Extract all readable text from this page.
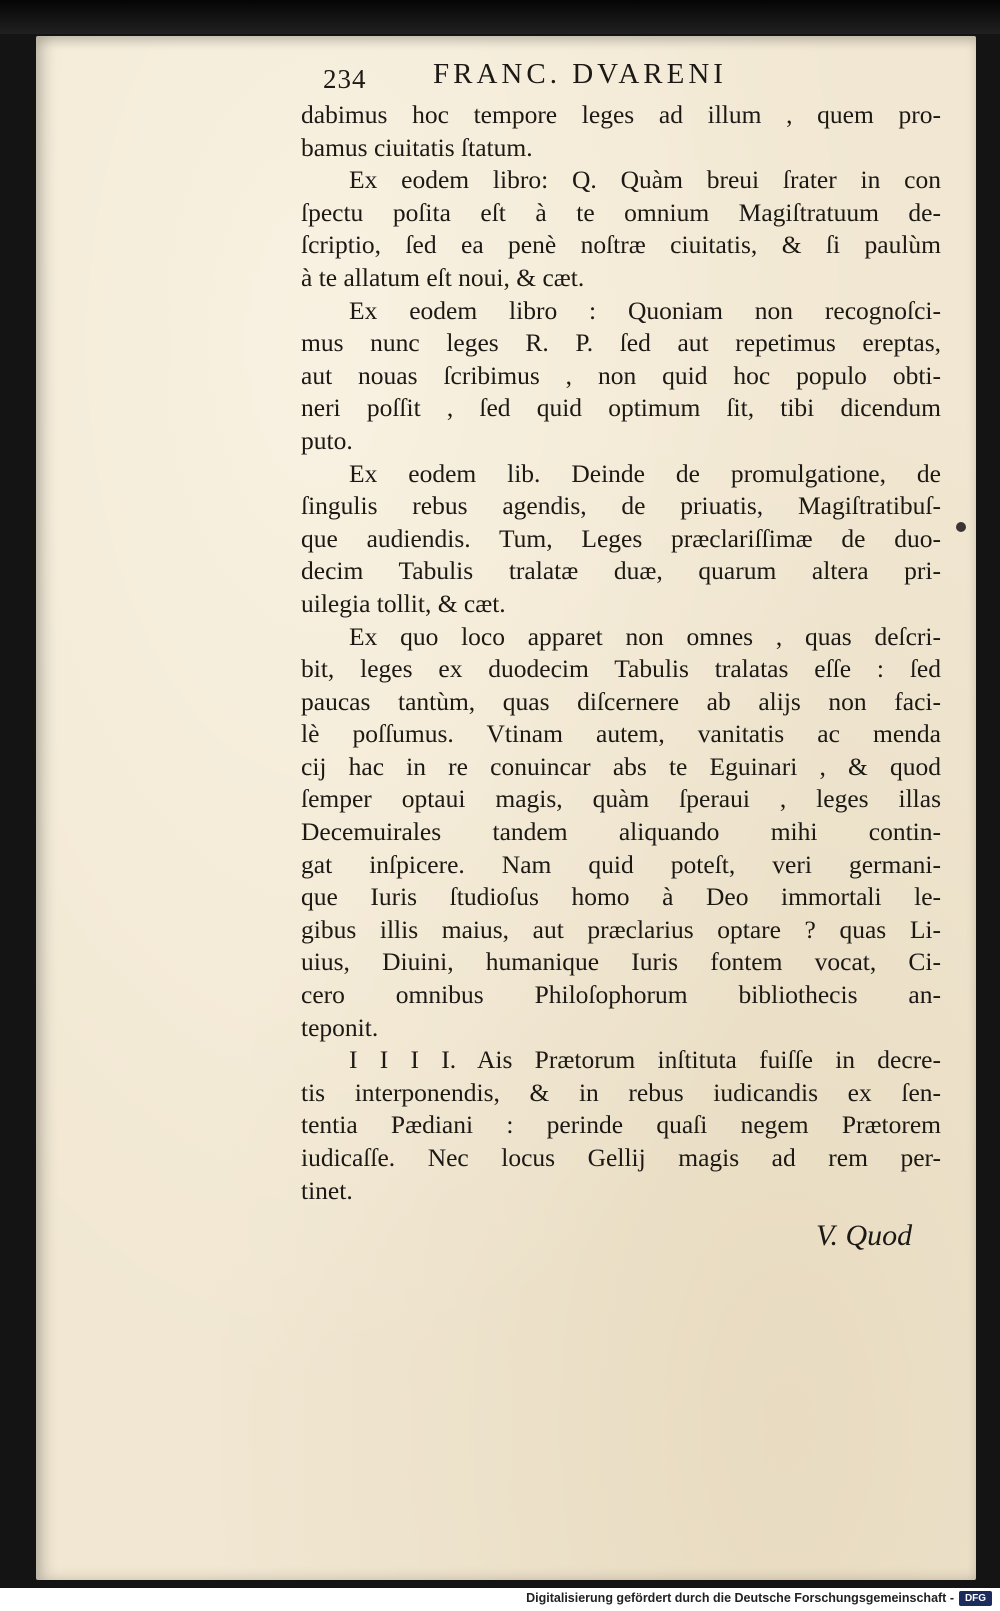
234 FRANC. DVARENI
dabimus hoc tempore leges ad illum , quem pro-
bamus ciuitatis ſtatum.
Ex eodem libro: Q. Quàm breui ſrater in con
ſpectu poſita eſt à te omnium Magiſtratuum de-
ſcriptio, ſed ea penè noſtræ ciuitatis, & ſi paulùm
à te allatum eſt noui, & cæt.
Ex eodem libro : Quoniam non recognoſci-
mus nunc leges R. P. ſed aut repetimus ereptas,
aut nouas ſcribimus , non quid hoc populo obti-
neri poſſit , ſed quid optimum ſit, tibi dicendum
puto.
Ex eodem lib. Deinde de promulgatione, de
ſingulis rebus agendis, de priuatis, Magiſtratibuſ-
que audiendis. Tum, Leges præclariſſimæ de duo-
decim Tabulis tralatæ duæ, quarum altera pri-
uilegia tollit, & cæt.
Ex quo loco apparet non omnes , quas deſcri-
bit, leges ex duodecim Tabulis tralatas eſſe : ſed
paucas tantùm, quas diſcernere ab alijs non faci-
lè poſſumus. Vtinam autem, vanitatis ac menda
cij hac in re conuincar abs te Eguinari , & quod
ſemper optaui magis, quàm ſperaui , leges illas
Decemuirales tandem aliquando mihi contin-
gat inſpicere. Nam quid poteſt, veri germani-
que Iuris ſtudioſus homo à Deo immortali le-
gibus illis maius, aut præclarius optare ? quas Li-
uius, Diuini, humanique Iuris fontem vocat, Ci-
cero omnibus Philoſophorum bibliothecis an-
teponit.
I I I I. Ais Prætorum inſtituta fuiſſe in decre-
tis interponendis, & in rebus iudicandis ex ſen-
tentia Pædiani : perinde quaſi negem Prætorem
iudicaſſe. Nec locus Gellij magis ad rem per-
tinet.
V. Quod
Digitalisierung gefördert durch die Deutsche Forschungsgemeinschaft -	DFG
